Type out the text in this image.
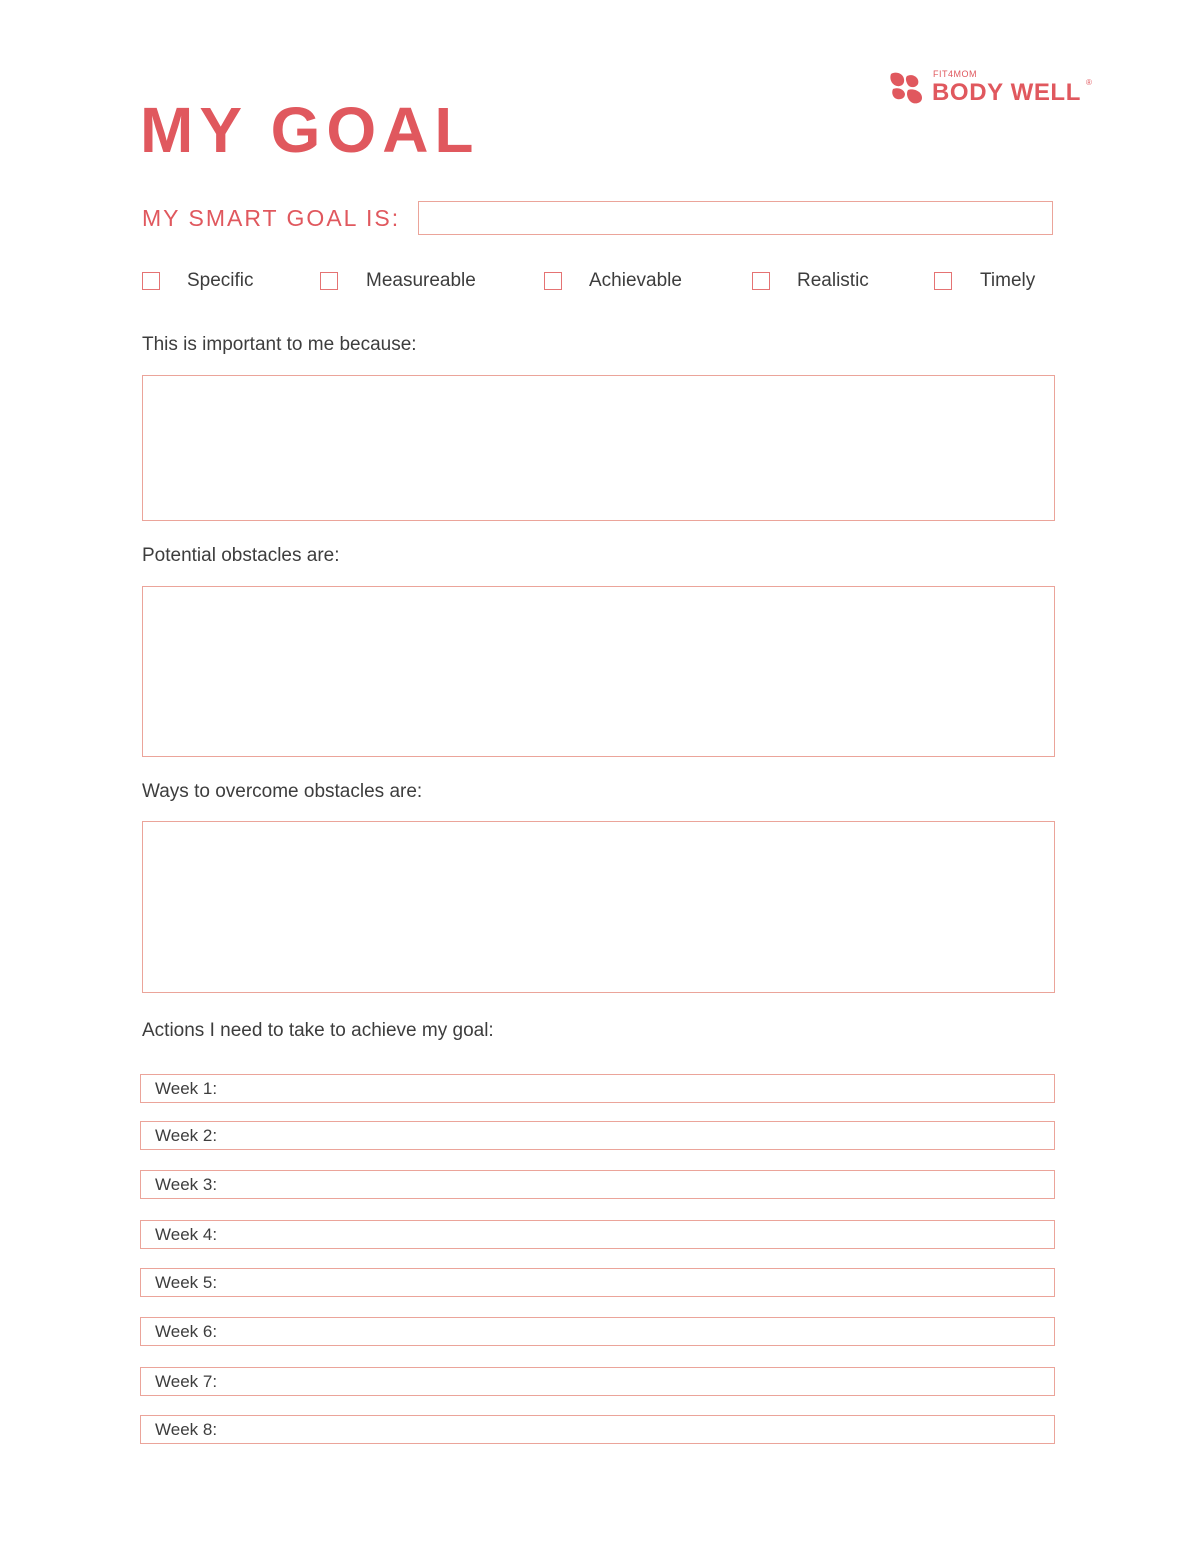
FIT4MOM
BODY WELL ®
MY GOAL
MY SMART GOAL IS:
Specific	Measureable	Achievable	Realistic	Timely
This is important to me because:
Potential obstacles are:
Ways to overcome obstacles are:
Actions I need to take to achieve my goal:
Week 1:
Week 2:
Week 3:
Week 4:
Week 5:
Week 6:
Week 7:
Week 8:
